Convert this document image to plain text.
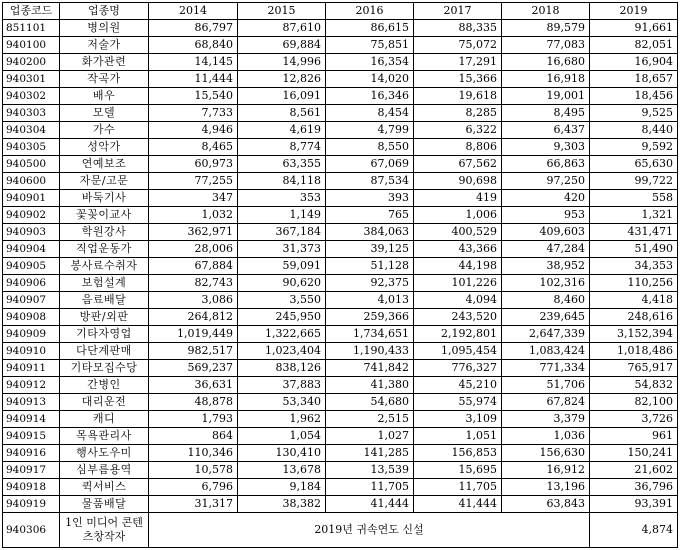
업종코드	업종명	2014	2015	2016	2017	2018	2019
851101	병의원	86,797	87,610	86,615	88,335	89,579	91,661
940100	저술가	68,840	69,884	75,851	75,072	77,083	82,051
940200	화가관련	14,145	14,996	16,354	17,291	16,680	16,904
940301	작곡가	11,444	12,826	14,020	15,366	16,918	18,657
940302	배우	15,540	16,091	16,346	19,618	19,001	18,456
940303	모델	7,733	8,561	8,454	8,285	8,495	9,525
940304	가수	4,946	4,619	4,799	6,322	6,437	8,440
940305	성악가	8,465	8,774	8,550	8,806	9,303	9,592
940500	연예보조	60,973	63,355	67,069	67,562	66,863	65,630
940600	자문/고문	77,255	84,118	87,534	90,698	97,250	99,722
940901	바둑기사	347	353	393	419	420	558
940902	꽃꽂이교사	1,032	1,149	765	1,006	953	1,321
940903	학원강사	362,971	367,184	384,063	400,529	409,603	431,471
940904	직업운동가	28,006	31,373	39,125	43,366	47,284	51,490
940905	봉사료수취자	67,884	59,091	51,128	44,198	38,952	34,353
940906	보험설계	82,743	90,620	92,375	101,226	102,316	110,256
940907	음료배달	3,086	3,550	4,013	4,094	8,460	4,418
940908	방판/외판	264,812	245,950	259,366	243,520	239,645	248,616
940909	기타자영업	1,019,449	1,322,665	1,734,651	2,192,801	2,647,339	3,152,394
940910	다단계판매	982,517	1,023,404	1,190,433	1,095,454	1,083,424	1,018,486
940911	기타모집수당	569,237	838,126	741,842	776,327	771,334	765,917
940912	간병인	36,631	37,883	41,380	45,210	51,706	54,832
940913	대리운전	48,878	53,340	54,680	55,974	67,824	82,100
940914	캐디	1,793	1,962	2,515	3,109	3,379	3,726
940915	목욕관리사	864	1,054	1,027	1,051	1,036	961
940916	행사도우미	110,346	130,410	141,285	156,853	156,630	150,241
940917	심부름용역	10,578	13,678	13,539	15,695	16,912	21,602
940918	퀵서비스	6,796	9,184	11,705	11,705	13,196	36,796
940919	물품배달	31,317	38,382	41,444	41,444	63,843	93,391
940306	1인 미디어 콘텐츠창작자	2019년 귀속연도 신설					4,874
